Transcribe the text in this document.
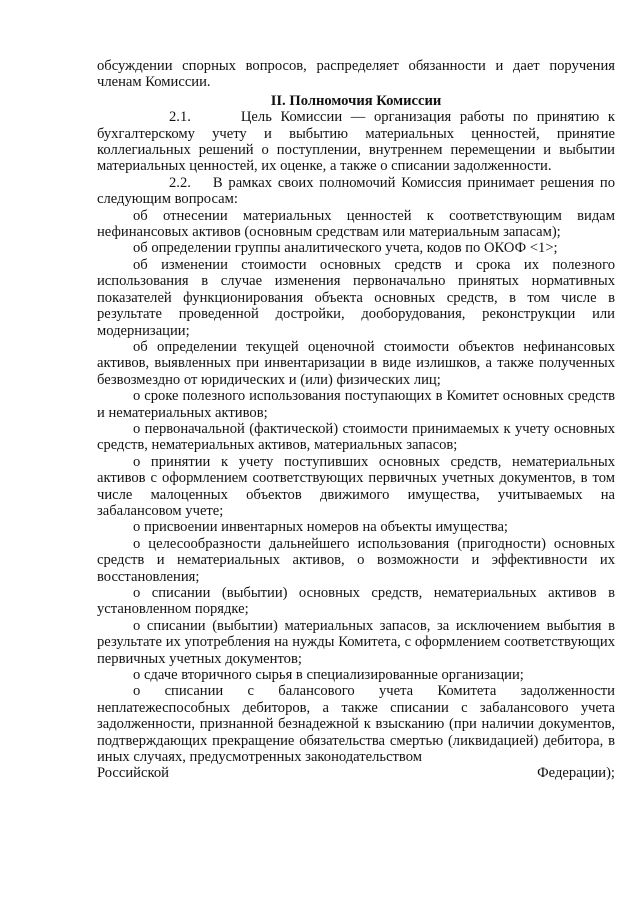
обсуждении спорных вопросов, распределяет обязанности и дает поручения членам Комиссии.

II. Полномочия Комиссии

2.1.	Цель Комиссии — организация работы по принятию к бухгалтерскому учету и выбытию материальных ценностей, принятие коллегиальных решений о поступлении, внутреннем перемещении и выбытии материальных ценностей, их оценке, а также о списании задолженности.

2.2. В рамках своих полномочий Комиссия принимает решения по следующим вопросам:

об отнесении материальных ценностей к соответствующим видам нефинансовых активов (основным средствам или материальным запасам);

об определении группы аналитического учета, кодов по ОКОФ <1>;

об изменении стоимости основных средств и срока их полезного использования в случае изменения первоначально принятых нормативных показателей функционирования объекта основных средств, в том числе в результате проведенной достройки, дооборудования, реконструкции или модернизации;

об определении текущей оценочной стоимости объектов нефинансовых активов, выявленных при инвентаризации в виде излишков, а также полученных безвозмездно от юридических и (или) физических лиц;

о сроке полезного использования поступающих в Комитет основных средств и нематериальных активов;

о первоначальной (фактической) стоимости принимаемых к учету основных средств, нематериальных активов, материальных запасов;

о принятии к учету поступивших основных средств, нематериальных активов с оформлением соответствующих первичных учетных документов, в том числе малоценных объектов движимого имущества, учитываемых на забалансовом учете;

о присвоении инвентарных номеров на объекты имущества;

о целесообразности дальнейшего использования (пригодности) основных средств и нематериальных активов, о возможности и эффективности их восстановления;

о списании (выбытии) основных средств, нематериальных активов в установленном порядке;

о списании (выбытии) материальных запасов, за исключением выбытия в результате их употребления на нужды Комитета, с оформлением соответствующих первичных учетных документов;

о сдаче вторичного сырья в специализированные организации;

о списании с балансового учета Комитета задолженности неплатежеспособных дебиторов, а также списании с забалансового учета задолженности, признанной безнадежной к взысканию (при наличии документов, подтверждающих прекращение обязательства смертью (ликвидацией) дебитора, в иных случаях, предусмотренных законодательством

Российской	Федерации);
